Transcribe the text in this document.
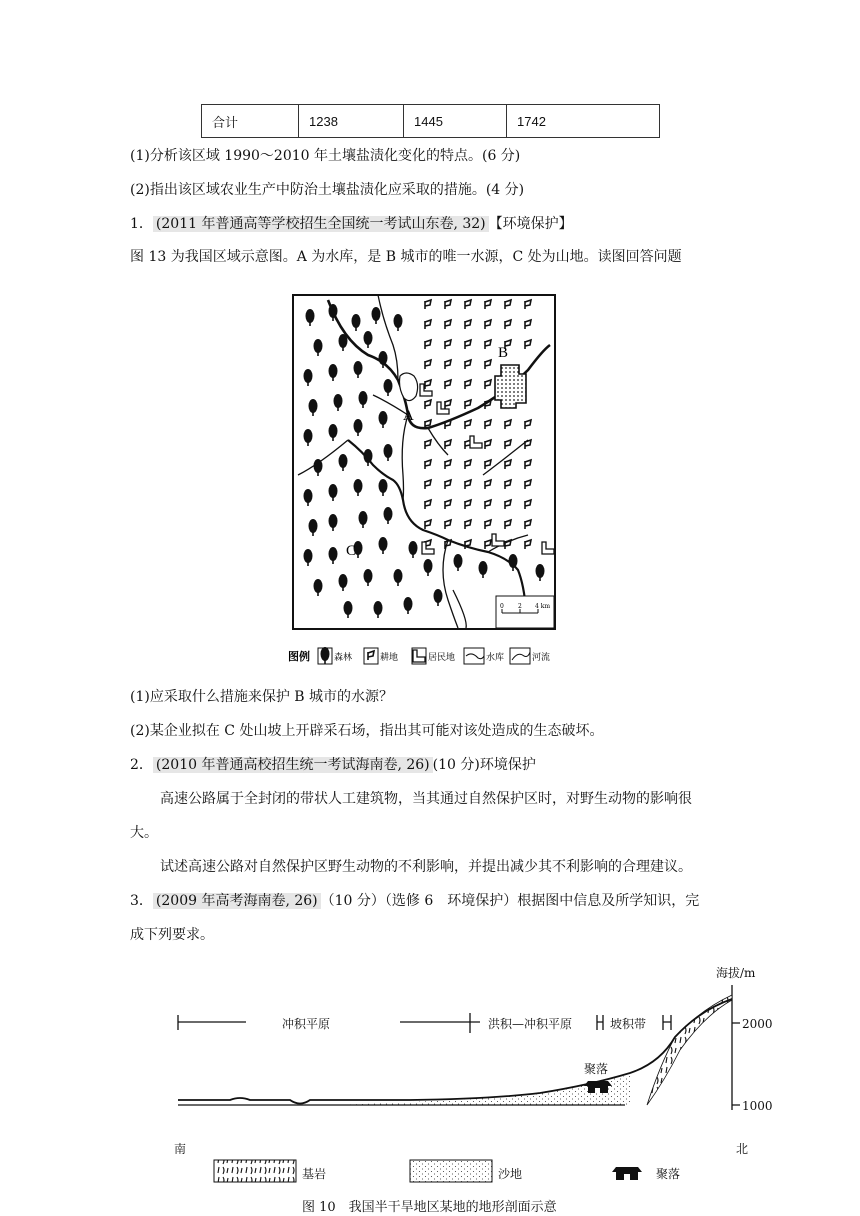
合计	1238	1445	1742
(1)分析该区域 1990～2010 年土壤盐渍化变化的特点。(6 分)
(2)指出该区域农业生产中防治土壤盐渍化应采取的措施。(4 分)
1． (2011 年普通高等学校招生全国统一考试山东卷, 32) 【环境保护】
图 13 为我国区域示意图。A 为水库，是 B 城市的唯一水源，C 处为山地。读图回答问题
B
A
C
0 2 4 km
图例	森林	耕地	居民地	水库	河流
(1)应采取什么措施来保护 B 城市的水源？
(2)某企业拟在 C 处山坡上开辟采石场，指出其可能对该处造成的生态破坏。
2． (2010 年普通高校招生统一考试海南卷, 26) (10 分)环境保护
高速公路属于全封闭的带状人工建筑物，当其通过自然保护区时，对野生动物的影响很
大。
试述高速公路对自然保护区野生动物的不利影响，并提出减少其不利影响的合理建议。
3． (2009 年高考海南卷, 26) （10 分）（选修 6　环境保护）根据图中信息及所学知识，完
成下列要求。
海拔/m
2000
1000
冲积平原	洪积—冲积平原	坡积带
聚落
南	北
基岩	沙地	聚落
图 10　我国半干旱地区某地的地形剖面示意
